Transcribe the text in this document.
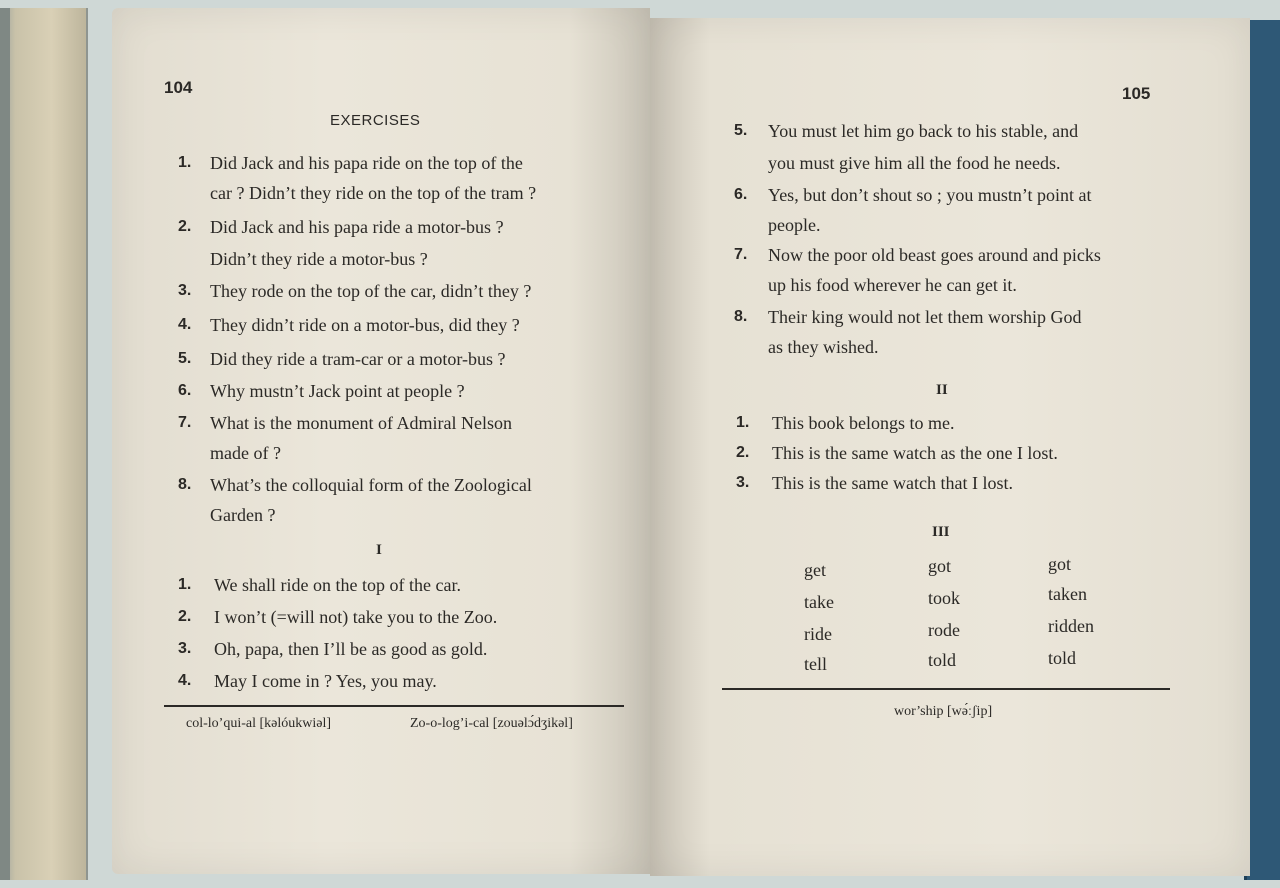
104
EXERCISES
1. Did Jack and his papa ride on the top of the
car ? Didn’t they ride on the top of the tram ?
2. Did Jack and his papa ride a motor-bus ?
Didn’t they ride a motor-bus ?
3. They rode on the top of the car, didn’t they ?
4. They didn’t ride on a motor-bus, did they ?
5. Did they ride a tram-car or a motor-bus ?
6. Why mustn’t Jack point at people ?
7. What is the monument of Admiral Nelson
made of ?
8. What’s the colloquial form of the Zoological
Garden ?
I
1. We shall ride on the top of the car.
2. I won’t (=will not) take you to the Zoo.
3. Oh, papa, then I’ll be as good as gold.
4. May I come in ? Yes, you may.
col-lo’qui-al [kəlóukwiəl]	Zo-o-log’i-cal [zouəlɔ́dʒikəl]
105
5. You must let him go back to his stable, and
you must give him all the food he needs.
6. Yes, but don’t shout so ; you mustn’t point at
people.
7. Now the poor old beast goes around and picks
up his food wherever he can get it.
8. Their king would not let them worship God
as they wished.
II
1. This book belongs to me.
2. This is the same watch as the one I lost.
3. This is the same watch that I lost.
III
get	got	got
take	took	taken
ride	rode	ridden
tell	told	told
wor’ship [wə́ːʃip]
